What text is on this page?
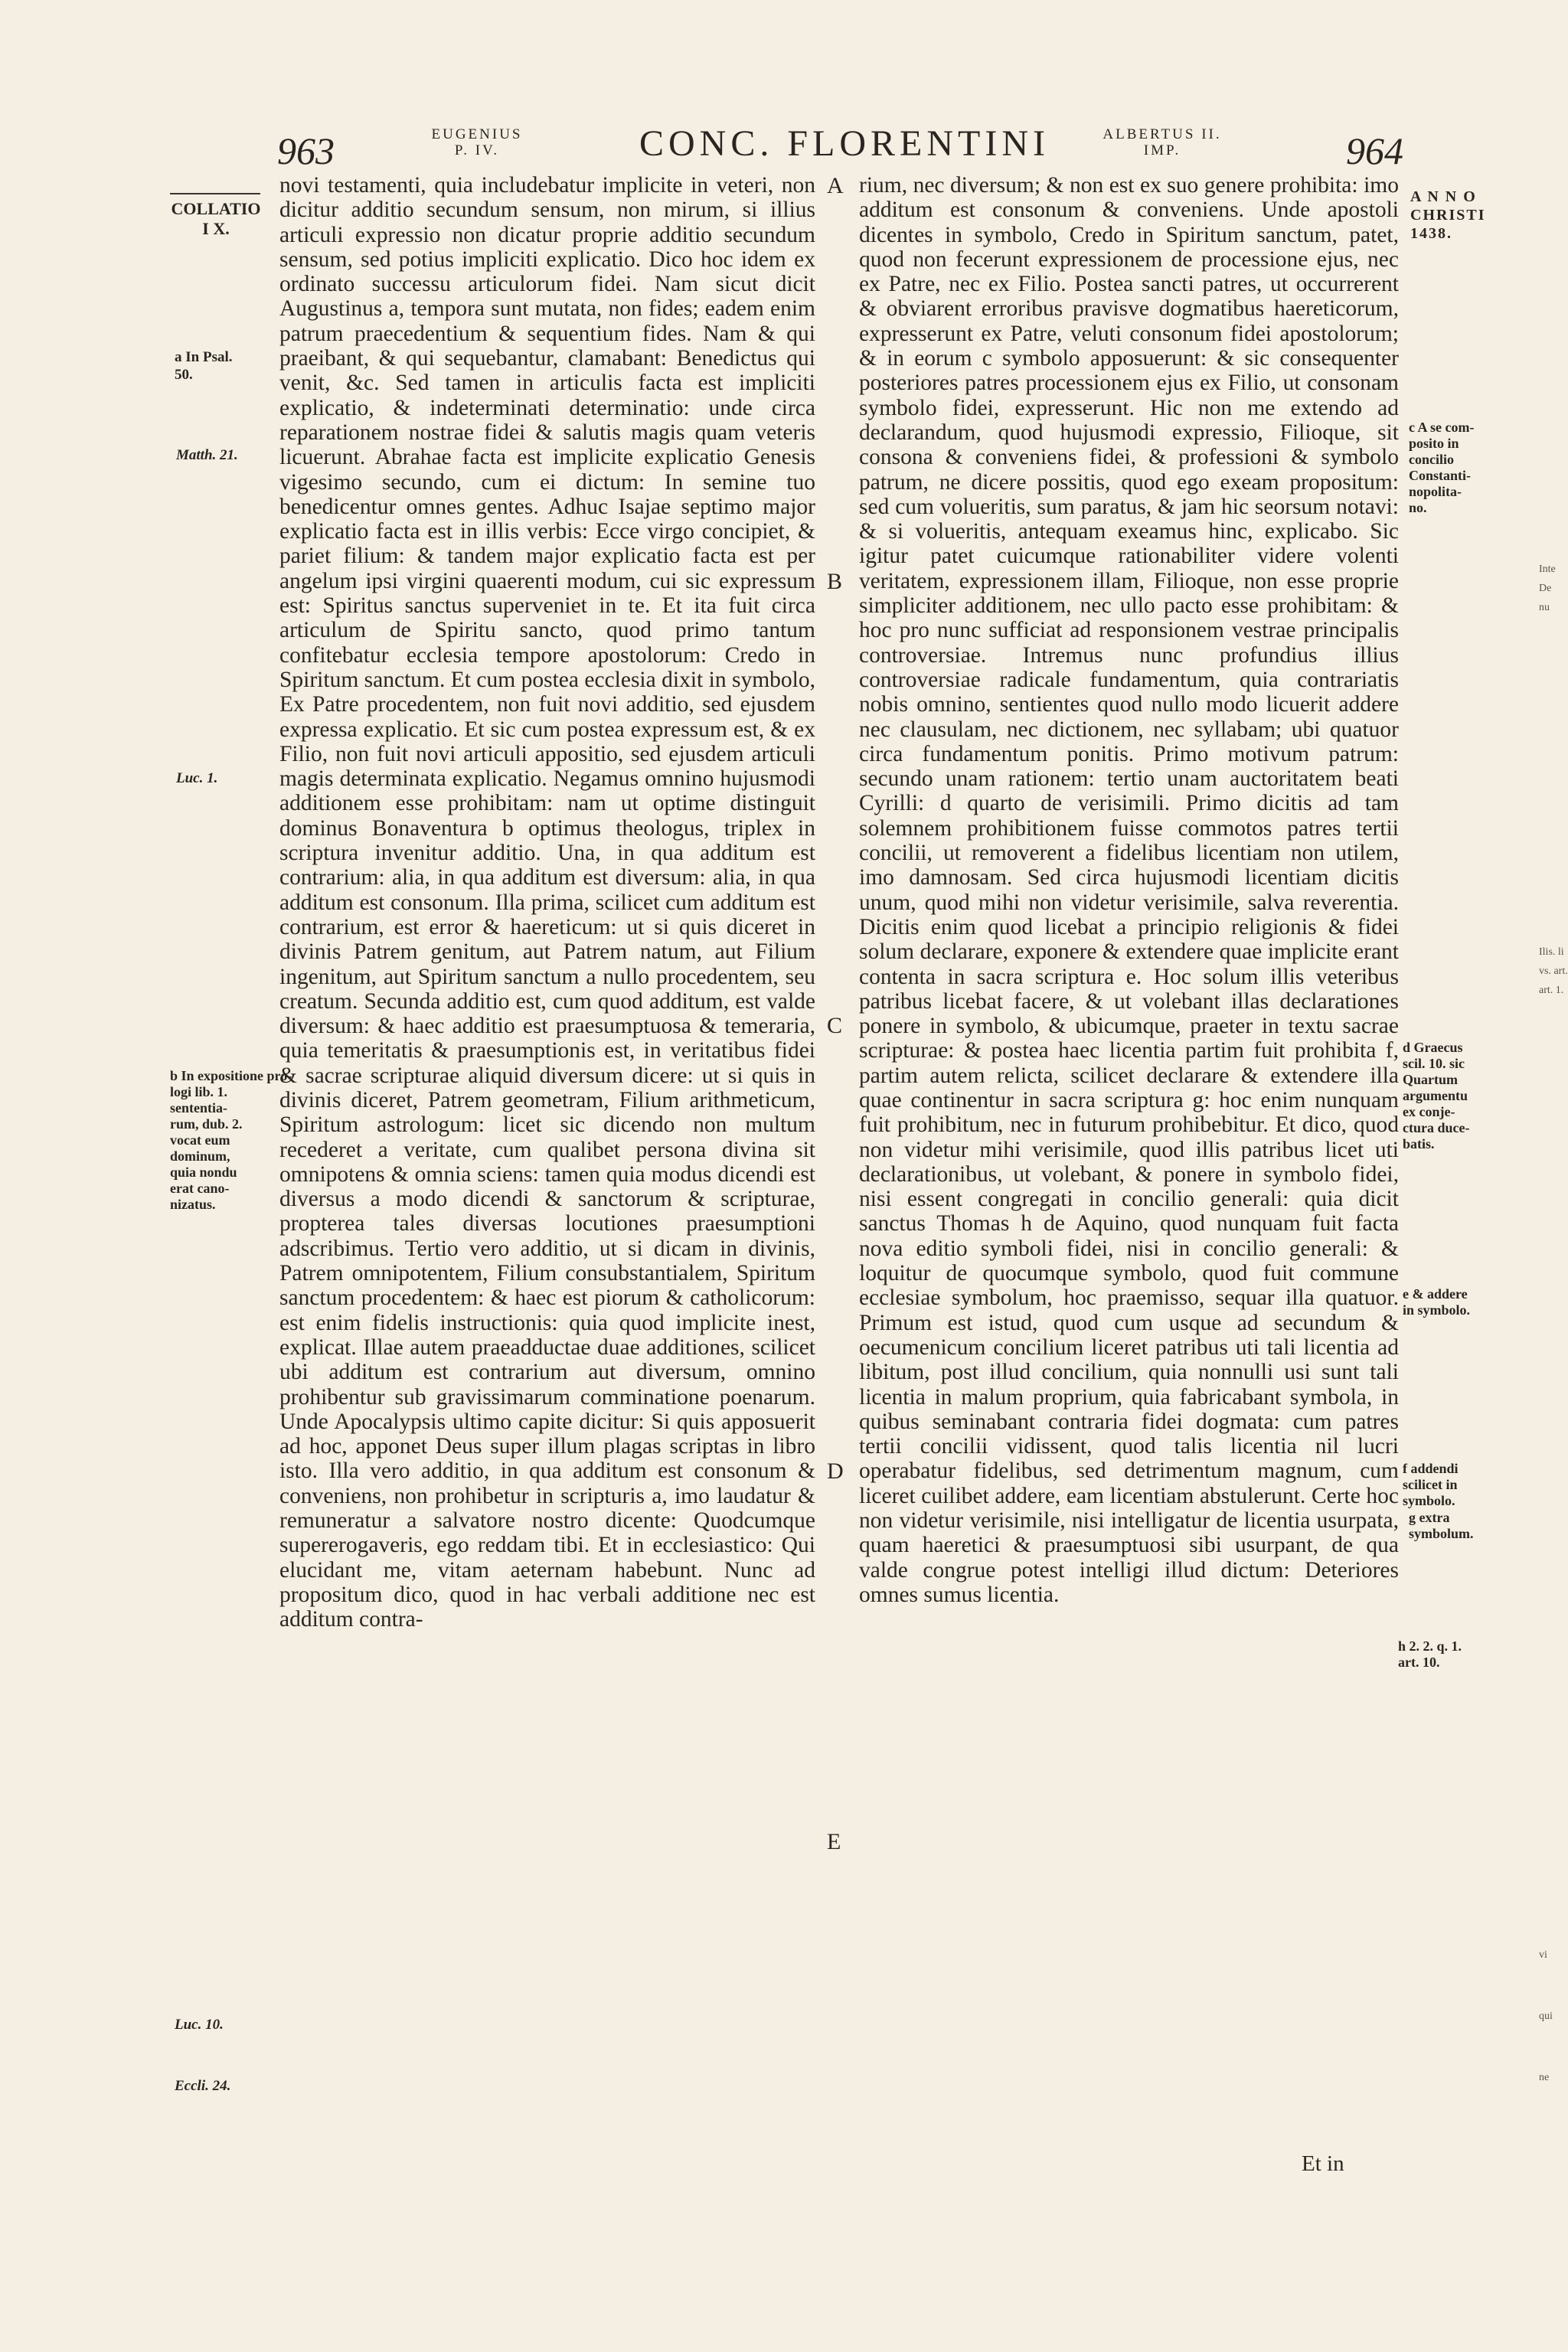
963	EUGENIUS
P. IV.	CONC. FLORENTINI	ALBERTUS II.
IMP.	964
COLLATIO
I X.
a In Psal.
50.
Matth. 21.
Luc. 1.
b In expositione pro-
logi lib. 1.
sententia-
rum, dub. 2.
vocat eum
dominum,
quia nondu
erat cano-
nizatus.
Luc. 10.
Eccli. 24.
A
B
C
D
E

novi testamenti, quia includebatur implicite in veteri, non dicitur additio secundum sensum, non mirum, si illius articuli expressio non dicatur proprie additio secundum sensum, sed potius impliciti explicatio. Dico hoc idem ex ordinato successu articulorum fidei. Nam sicut dicit Augustinus a, tempora sunt mutata, non fides; eadem enim patrum praecedentium & sequentium fides. Nam & qui praeibant, & qui sequebantur, clamabant: Benedictus qui venit, &c. Sed tamen in articulis facta est impliciti explicatio, & indeterminati determinatio: unde circa reparationem nostrae fidei & salutis magis quam veteris licuerunt. Abrahae facta est implicite explicatio Genesis vigesimo secundo, cum ei dictum: In semine tuo benedicentur omnes gentes. Adhuc Isajae septimo major explicatio facta est in illis verbis: Ecce virgo concipiet, & pariet filium: & tandem major explicatio facta est per angelum ipsi virgini quaerenti modum, cui sic expressum est: Spiritus sanctus superveniet in te. Et ita fuit circa articulum de Spiritu sancto, quod primo tantum confitebatur ecclesia tempore apostolorum: Credo in Spiritum sanctum. Et cum postea ecclesia dixit in symbolo, Ex Patre procedentem, non fuit novi additio, sed ejusdem expressa explicatio. Et sic cum postea expressum est, & ex Filio, non fuit novi articuli appositio, sed ejusdem articuli magis determinata explicatio. Negamus omnino hujusmodi additionem esse prohibitam: nam ut optime distinguit dominus Bonaventura b optimus theologus, triplex in scriptura invenitur additio. Una, in qua additum est contrarium: alia, in qua additum est diversum: alia, in qua additum est consonum. Illa prima, scilicet cum additum est contrarium, est error & haereticum: ut si quis diceret in divinis Patrem genitum, aut Patrem natum, aut Filium ingenitum, aut Spiritum sanctum a nullo procedentem, seu creatum. Secunda additio est, cum quod additum, est valde diversum: & haec additio est praesumptuosa & temeraria, quia temeritatis & praesumptionis est, in veritatibus fidei & sacrae scripturae aliquid diversum dicere: ut si quis in divinis diceret, Patrem geometram, Filium arithmeticum, Spiritum astrologum: licet sic dicendo non multum recederet a veritate, cum qualibet persona divina sit omnipotens & omnia sciens: tamen quia modus dicendi est diversus a modo dicendi & sanctorum & scripturae, propterea tales diversas locutiones praesumptioni adscribimus. Tertio vero additio, ut si dicam in divinis, Patrem omnipotentem, Filium consubstantialem, Spiritum sanctum procedentem: & haec est piorum & catholicorum: est enim fidelis instructionis: quia quod implicite inest, explicat. Illae autem praeadductae duae additiones, scilicet ubi additum est contrarium aut diversum, omnino prohibentur sub gravissimarum comminatione poenarum. Unde Apocalypsis ultimo capite dicitur: Si quis apposuerit ad hoc, apponet Deus super illum plagas scriptas in libro isto. Illa vero additio, in qua additum est consonum & conveniens, non prohibetur in scripturis a, imo laudatur & remuneratur a salvatore nostro dicente: Quodcumque supererogaveris, ego reddam tibi. Et in ecclesiastico: Qui elucidant me, vitam aeternam habebunt. Nunc ad propositum dico, quod in hac verbali additione nec est additum contra-

rium, nec diversum; & non est ex suo genere prohibita: imo additum est consonum & conveniens. Unde apostoli dicentes in symbolo, Credo in Spiritum sanctum, patet, quod non fecerunt expressionem de processione ejus, nec ex Patre, nec ex Filio. Postea sancti patres, ut occurrerent & obviarent erroribus pravisve dogmatibus haereticorum, expresserunt ex Patre, veluti consonum fidei apostolorum; & in eorum c symbolo apposuerunt: & sic consequenter posteriores patres processionem ejus ex Filio, ut consonam symbolo fidei, expresserunt. Hic non me extendo ad declarandum, quod hujusmodi expressio, Filioque, sit consona & conveniens fidei, & professioni & symbolo patrum, ne dicere possitis, quod ego exeam propositum: sed cum volueritis, sum paratus, & jam hic seorsum notavi: & si volueritis, antequam exeamus hinc, explicabo. Sic igitur patet cuicumque rationabiliter videre volenti veritatem, expressionem illam, Filioque, non esse proprie simpliciter additionem, nec ullo pacto esse prohibitam: & hoc pro nunc sufficiat ad responsionem vestrae principalis controversiae. Intremus nunc profundius illius controversiae radicale fundamentum, quia contrariatis nobis omnino, sentientes quod nullo modo licuerit addere nec clausulam, nec dictionem, nec syllabam; ubi quatuor circa fundamentum ponitis. Primo motivum patrum: secundo unam rationem: tertio unam auctoritatem beati Cyrilli: d quarto de verisimili. Primo dicitis ad tam solemnem prohibitionem fuisse commotos patres tertii concilii, ut removerent a fidelibus licentiam non utilem, imo damnosam. Sed circa hujusmodi licentiam dicitis unum, quod mihi non videtur verisimile, salva reverentia. Dicitis enim quod licebat a principio religionis & fidei solum declarare, exponere & extendere quae implicite erant contenta in sacra scriptura e. Hoc solum illis veteribus patribus licebat facere, & ut volebant illas declarationes ponere in symbolo, & ubicumque, praeter in textu sacrae scripturae: & postea haec licentia partim fuit prohibita f, partim autem relicta, scilicet declarare & extendere illa quae continentur in sacra scriptura g: hoc enim nunquam fuit prohibitum, nec in futurum prohibebitur. Et dico, quod non videtur mihi verisimile, quod illis patribus licet uti declarationibus, ut volebant, & ponere in symbolo fidei, nisi essent congregati in concilio generali: quia dicit sanctus Thomas h de Aquino, quod nunquam fuit facta nova editio symboli fidei, nisi in concilio generali: & loquitur de quocumque symbolo, quod fuit commune ecclesiae symbolum, hoc praemisso, sequar illa quatuor. Primum est istud, quod cum usque ad secundum & oecumenicum concilium liceret patribus uti tali licentia ad libitum, post illud concilium, quia nonnulli usi sunt tali licentia in malum proprium, quia fabricabant symbola, in quibus seminabant contraria fidei dogmata: cum patres tertii concilii vidissent, quod talis licentia nil lucri operabatur fidelibus, sed detrimentum magnum, cum liceret cuilibet addere, eam licentiam abstulerunt. Certe hoc non videtur verisimile, nisi intelligatur de licentia usurpata, quam haeretici & praesumptuosi sibi usurpant, de qua valde congrue potest intelligi illud dictum: Deteriores omnes sumus licentia.

Et in
A N N O
CHRISTI
1438.
c A se com-
posito in
concilio
Constanti-
nopolita-
no.
d Graecus
scil. 10. sic
Quartum
argumentu
ex conje-
ctura duce-
batis.
e & addere
in symbolo.
f addendi
scilicet in
symbolo.
g extra
symbolum.
h 2. 2. q. 1.
art. 10.
Inte
De
nu
Ilis. li
vs. art.
art. 1.
vi
qui
ne
